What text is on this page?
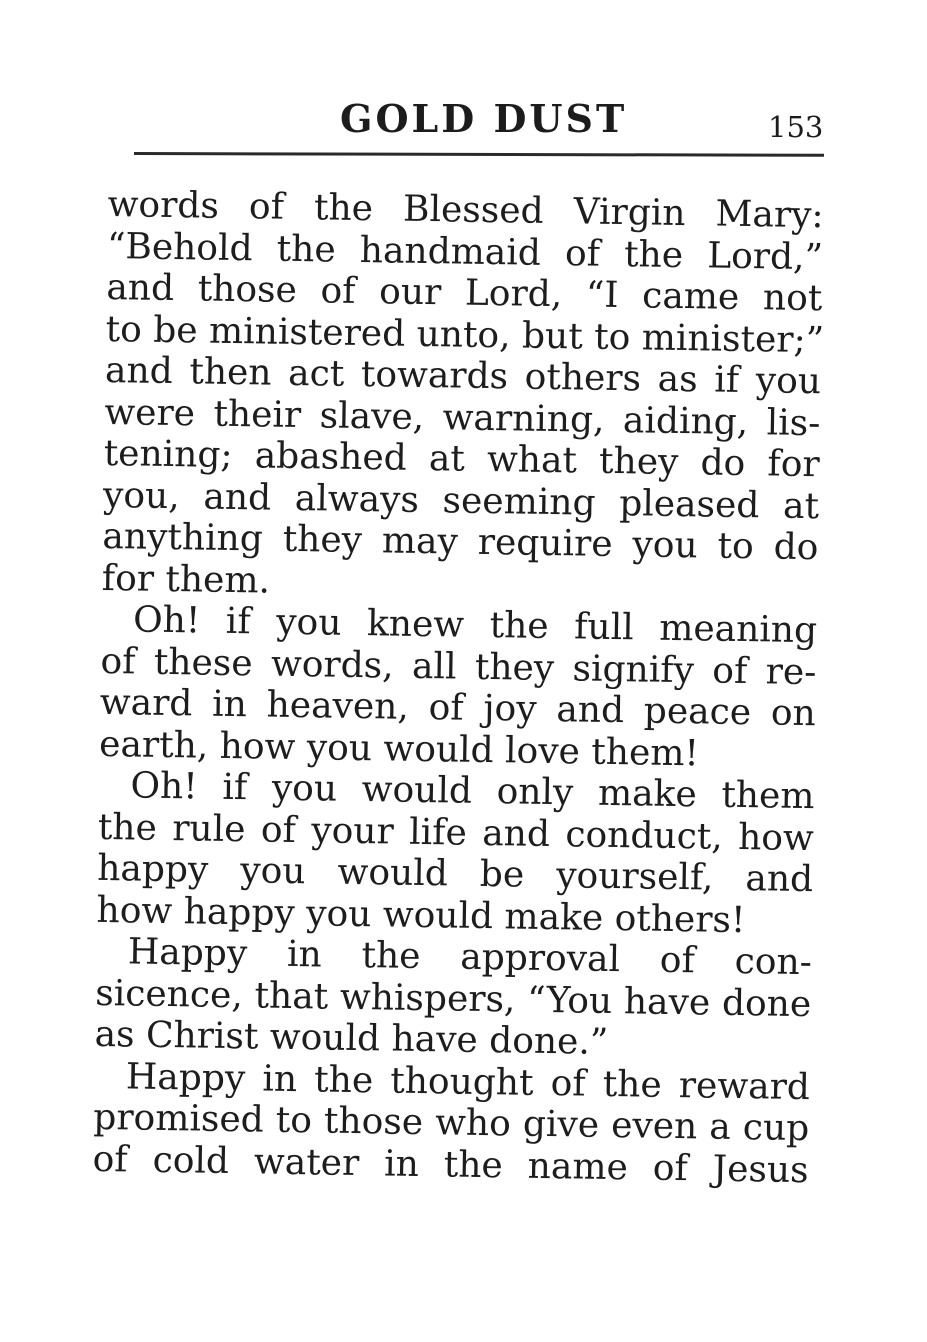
GOLD DUST	153
words of the Blessed Virgin Mary:
“Behold the handmaid of the Lord,”
and those of our Lord, “I came not
to be ministered unto, but to minister;”
and then act towards others as if you
were their slave, warning, aiding, lis-
tening; abashed at what they do for
you, and always seeming pleased at
anything they may require you to do
for them.
Oh! if you knew the full meaning
of these words, all they signify of re-
ward in heaven, of joy and peace on
earth, how you would love them!
Oh! if you would only make them
the rule of your life and conduct, how
happy you would be yourself, and
how happy you would make others!
Happy in the approval of con-
sicence, that whispers, “You have done
as Christ would have done.”
Happy in the thought of the reward
promised to those who give even a cup
of cold water in the name of Jesus
